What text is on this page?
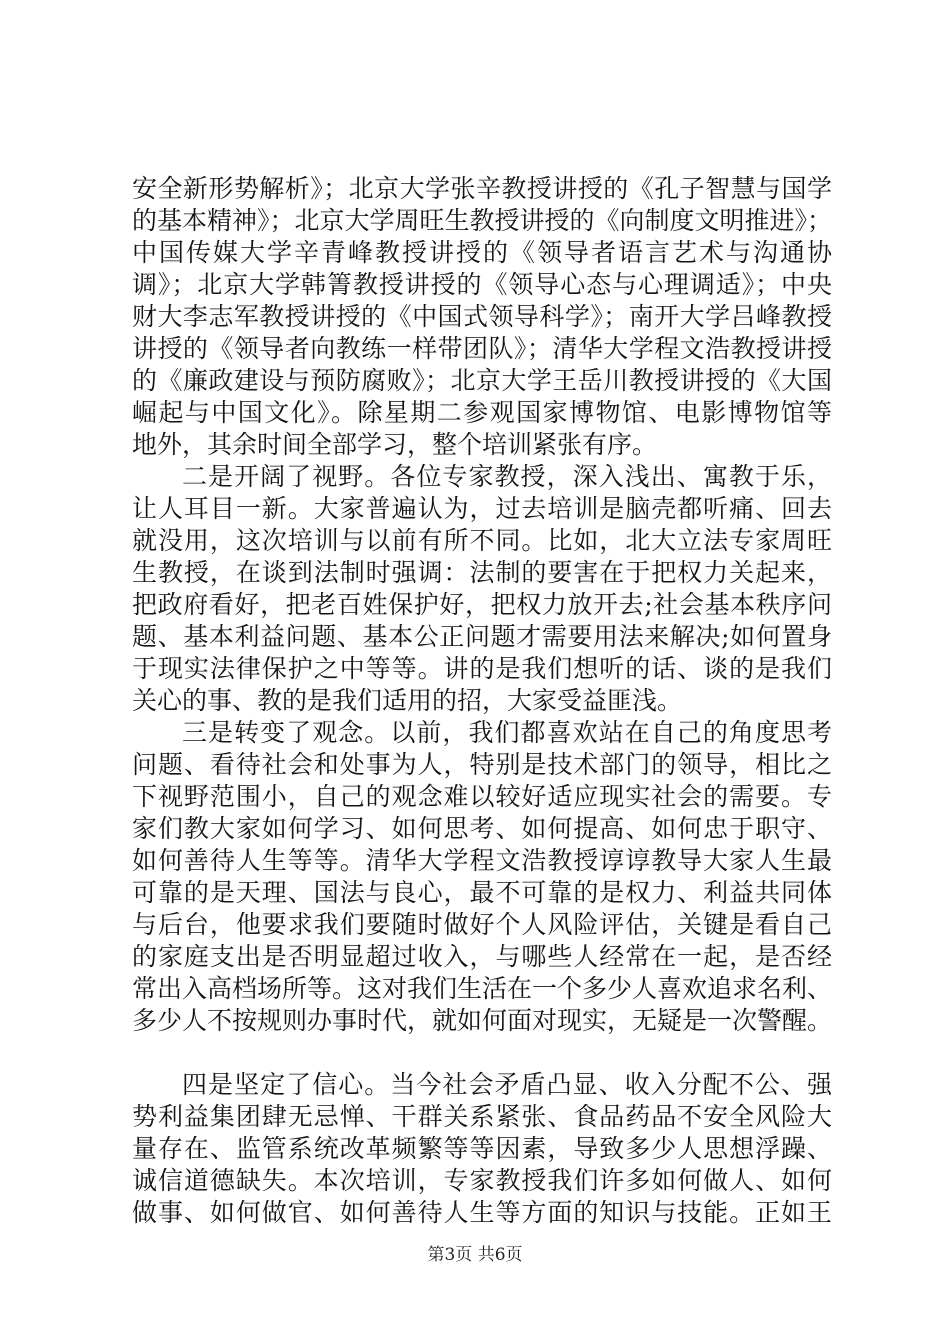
安全新形势解析》；北京大学张辛教授讲授的《孔子智慧与国学
的基本精神》；北京大学周旺生教授讲授的《向制度文明推进》；
中国传媒大学辛青峰教授讲授的《领导者语言艺术与沟通协
调》；北京大学韩箐教授讲授的《领导心态与心理调适》；中央
财大李志军教授讲授的《中国式领导科学》；南开大学吕峰教授
讲授的《领导者向教练一样带团队》；清华大学程文浩教授讲授
的《廉政建设与预防腐败》；北京大学王岳川教授讲授的《大国
崛起与中国文化》。除星期二参观国家博物馆、电影博物馆等
地外，其余时间全部学习，整个培训紧张有序。
二是开阔了视野。各位专家教授，深入浅出、寓教于乐，
让人耳目一新。大家普遍认为，过去培训是脑壳都听痛、回去
就没用，这次培训与以前有所不同。比如，北大立法专家周旺
生教授，在谈到法制时强调：法制的要害在于把权力关起来，
把政府看好，把老百姓保护好，把权力放开去;社会基本秩序问
题、基本利益问题、基本公正问题才需要用法来解决;如何置身
于现实法律保护之中等等。讲的是我们想听的话、谈的是我们
关心的事、教的是我们适用的招，大家受益匪浅。
三是转变了观念。以前，我们都喜欢站在自己的角度思考
问题、看待社会和处事为人，特别是技术部门的领导，相比之
下视野范围小，自己的观念难以较好适应现实社会的需要。专
家们教大家如何学习、如何思考、如何提高、如何忠于职守、
如何善待人生等等。清华大学程文浩教授谆谆教导大家人生最
可靠的是天理、国法与良心，最不可靠的是权力、利益共同体
与后台，他要求我们要随时做好个人风险评估，关键是看自己
的家庭支出是否明显超过收入，与哪些人经常在一起，是否经
常出入高档场所等。这对我们生活在一个多少人喜欢追求名利、
多少人不按规则办事时代，就如何面对现实，无疑是一次警醒。
四是坚定了信心。当今社会矛盾凸显、收入分配不公、强
势利益集团肆无忌惮、干群关系紧张、食品药品不安全风险大
量存在、监管系统改革频繁等等因素，导致多少人思想浮躁、
诚信道德缺失。本次培训，专家教授我们许多如何做人、如何
做事、如何做官、如何善待人生等方面的知识与技能。正如王
第3页 共6页
